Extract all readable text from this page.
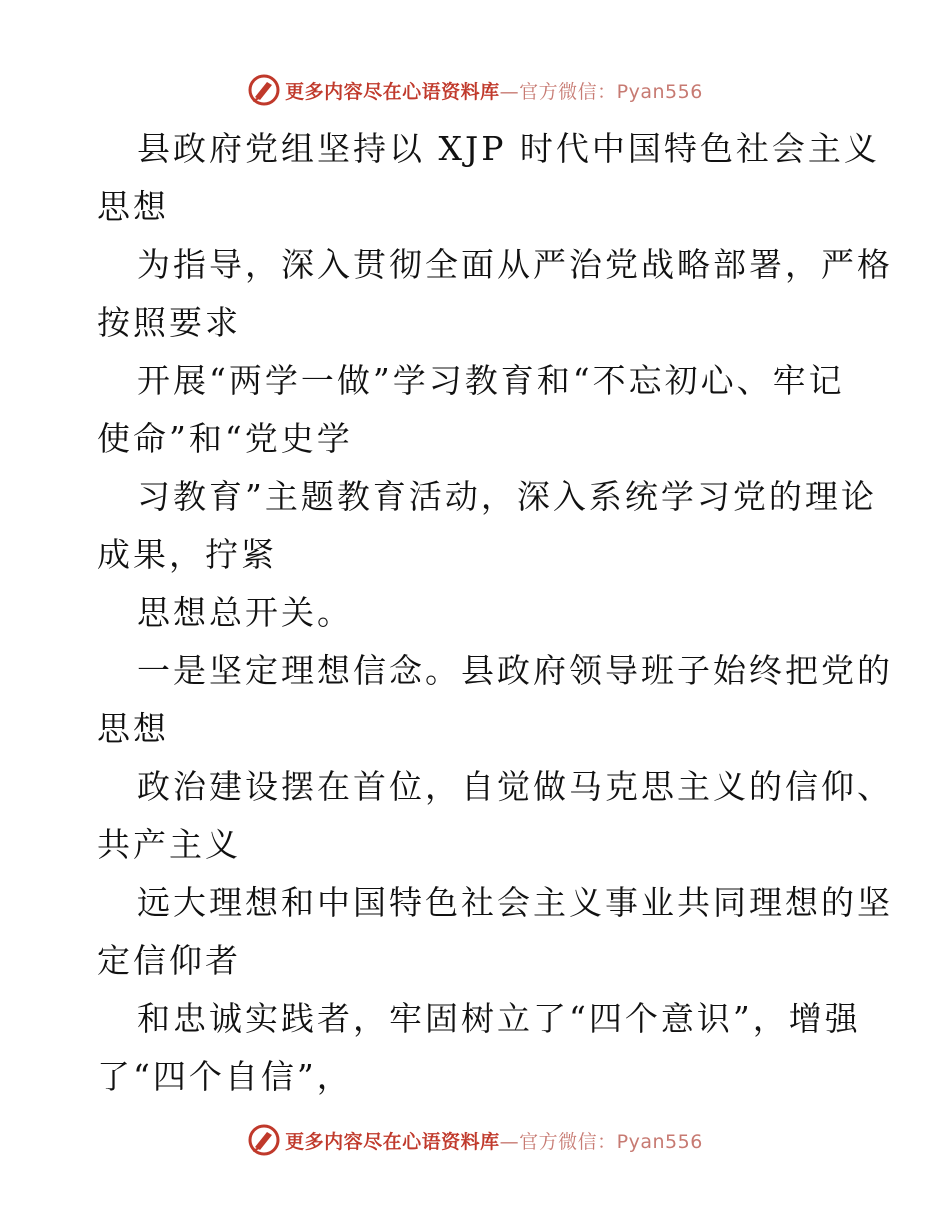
更多内容尽在心语资料库—官方微信：Pyan556

县政府党组坚持以 XJP 时代中国特色社会主义

思想

为指导，深入贯彻全面从严治党战略部署，严格

按照要求

开展“两学一做”学习教育和“不忘初心、牢记

使命”和“党史学

习教育”主题教育活动，深入系统学习党的理论

成果，拧紧

思想总开关。

一是坚定理想信念。县政府领导班子始终把党的

思想

政治建设摆在首位，自觉做马克思主义的信仰、

共产主义

远大理想和中国特色社会主义事业共同理想的坚

定信仰者

和忠诚实践者，牢固树立了“四个意识”，增强

了“四个自信”，

更多内容尽在心语资料库—官方微信：Pyan556
